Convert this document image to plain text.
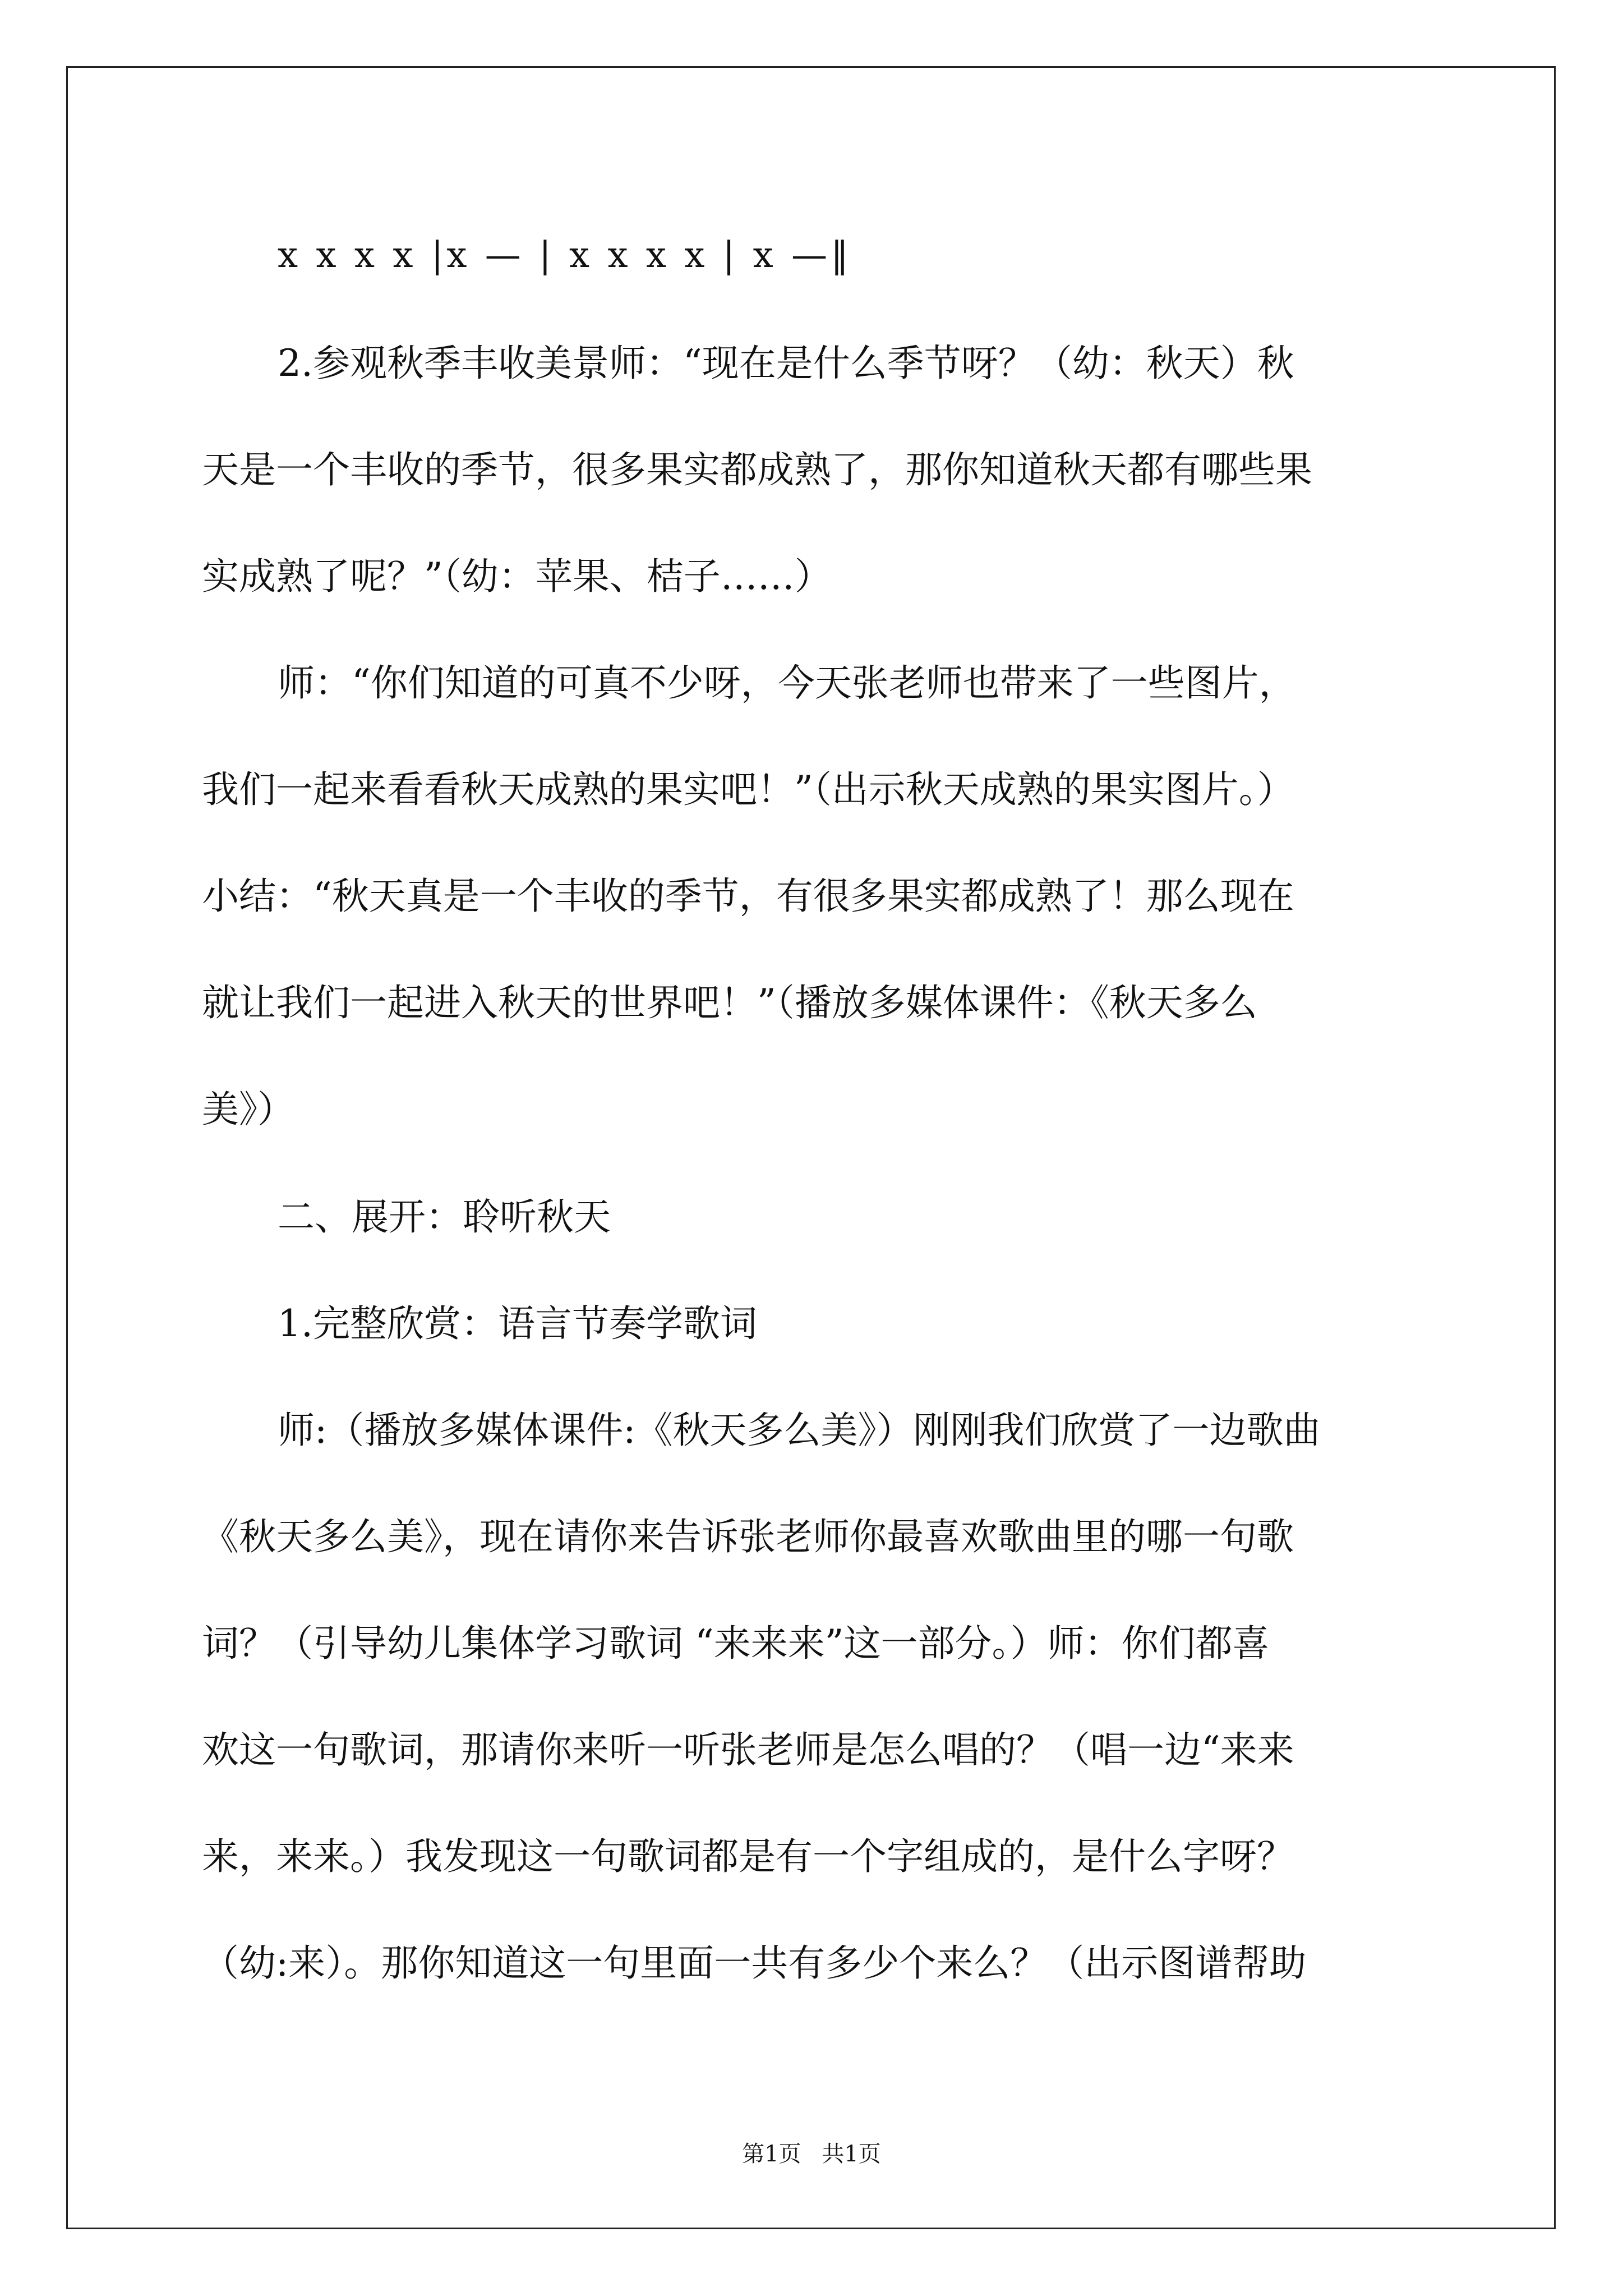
x x x x |x — | x x x x | x —‖
2.参观秋季丰收美景师：“现在是什么季节呀？（幼：秋天）秋
天是一个丰收的季节，很多果实都成熟了，那你知道秋天都有哪些果
实成熟了呢？”（幼：苹果、桔子……）
师：“你们知道的可真不少呀，今天张老师也带来了一些图片，
我们一起来看看秋天成熟的果实吧！”（出示秋天成熟的果实图片。）
小结：“秋天真是一个丰收的季节，有很多果实都成熟了！那么现在
就让我们一起进入秋天的世界吧！”（播放多媒体课件：《秋天多么
美》）
二、展开：聆听秋天
1.完整欣赏：语言节奏学歌词
师:（播放多媒体课件:《秋天多么美》）刚刚我们欣赏了一边歌曲
《秋天多么美》，现在请你来告诉张老师你最喜欢歌曲里的哪一句歌
词？（引导幼儿集体学习歌词 “来来来”这一部分。）师：你们都喜
欢这一句歌词，那请你来听一听张老师是怎么唱的？（唱一边“来来
来，来来。）我发现这一句歌词都是有一个字组成的，是什么字呀？
（幼:来）。那你知道这一句里面一共有多少个来么？（出示图谱帮助
第1页 共1页
